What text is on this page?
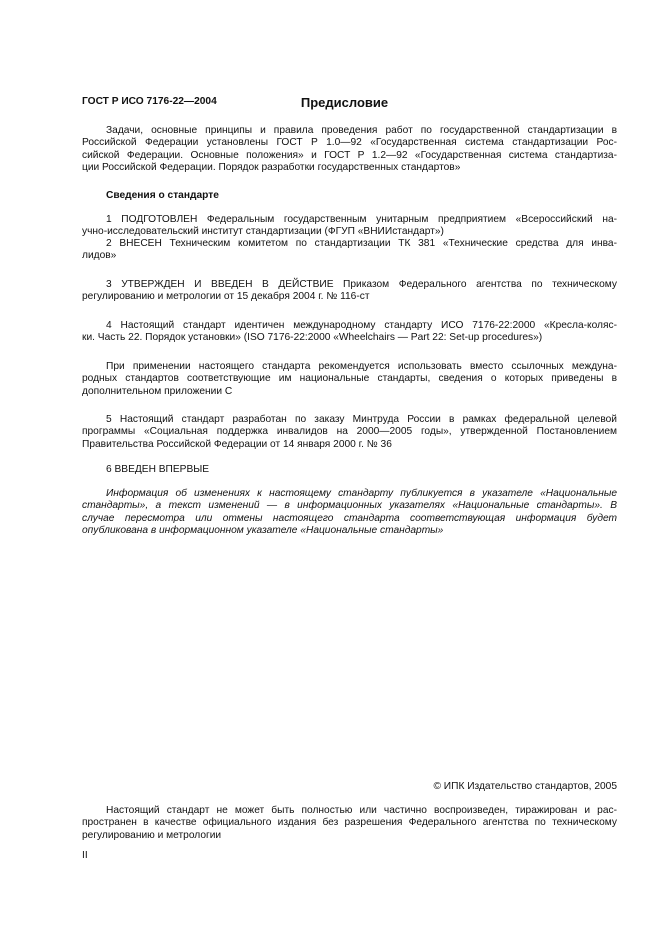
ГОСТ Р ИСО 7176-22—2004	Предисловие
Задачи, основные принципы и правила проведения работ по государственной стандартизации в
Российской Федерации установлены ГОСТ Р 1.0—92 «Государственная система стандартизации Рос-
сийской Федерации. Основные положения» и ГОСТ Р 1.2—92 «Государственная система стандартиза-
ции Российской Федерации. Порядок разработки государственных стандартов»
Сведения о стандарте
1 ПОДГОТОВЛЕН Федеральным государственным унитарным предприятием «Всероссийский на-
учно-исследовательский институт стандартизации (ФГУП «ВНИИстандарт»)
2 ВНЕСЕН Техническим комитетом по стандартизации ТК 381 «Технические средства для инва-
лидов»
3 УТВЕРЖДЕН И ВВЕДЕН В ДЕЙСТВИЕ Приказом Федерального агентства по техническому
регулированию и метрологии от 15 декабря 2004 г. № 116-ст
4 Настоящий стандарт идентичен международному стандарту ИСО 7176-22:2000 «Кресла-коляс-
ки. Часть 22. Порядок установки» (ISO 7176-22:2000 «Wheelchairs — Part 22: Set-up procedures»)
При применении настоящего стандарта рекомендуется использовать вместо ссылочных междуна-
родных стандартов соответствующие им национальные стандарты, сведения о которых приведены в
дополнительном приложении С
5 Настоящий стандарт разработан по заказу Минтруда России в рамках федеральной целевой
программы «Социальная поддержка инвалидов на 2000—2005 годы», утвержденной Постановлением
Правительства Российской Федерации от 14 января 2000 г. № 36
6 ВВЕДЕН ВПЕРВЫЕ
Информация об изменениях к настоящему стандарту публикуется в указателе «Национальные
стандарты», а текст изменений — в информационных указателях «Национальные стандарты». В
случае пересмотра или отмены настоящего стандарта соответствующая информация будет
опубликована в информационном указателе «Национальные стандарты»
© ИПК Издательство стандартов, 2005
Настоящий стандарт не может быть полностью или частично воспроизведен, тиражирован и рас-
пространен в качестве официального издания без разрешения Федерального агентства по техническому
регулированию и метрологии
II
